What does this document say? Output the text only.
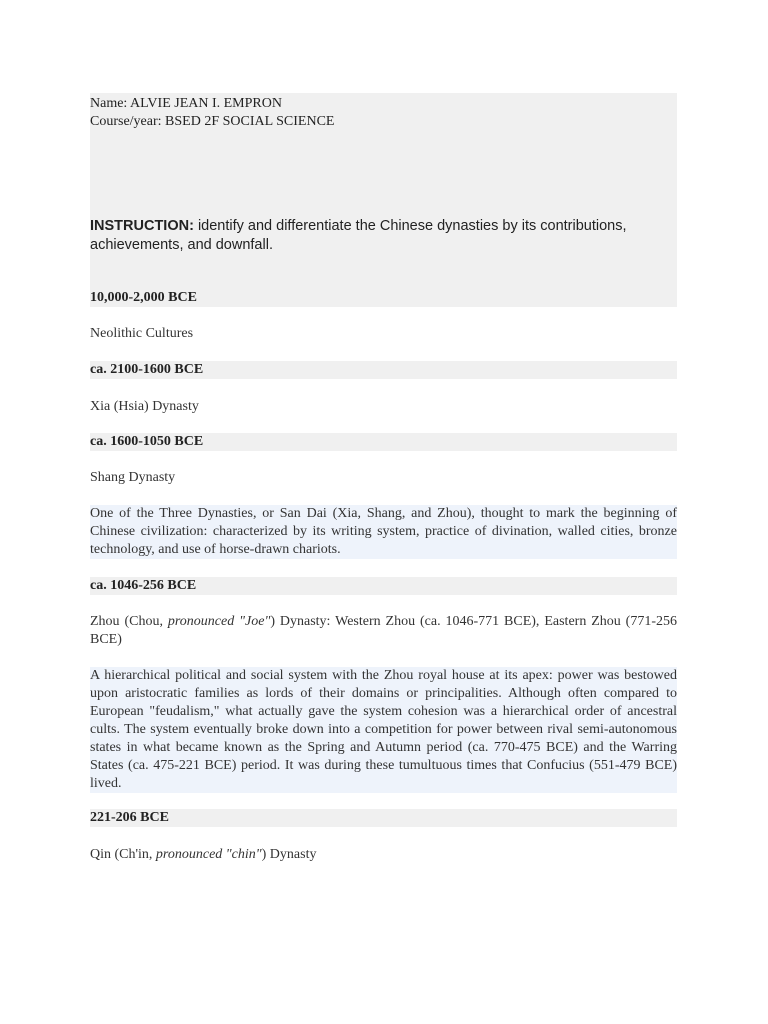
Name: ALVIE JEAN I. EMPRON
Course/year: BSED 2F SOCIAL SCIENCE
INSTRUCTION: identify and differentiate the Chinese dynasties by its contributions, achievements, and downfall.
10,000-2,000 BCE
Neolithic Cultures
ca. 2100-1600 BCE
Xia (Hsia) Dynasty
ca. 1600-1050 BCE
Shang Dynasty
One of the Three Dynasties, or San Dai (Xia, Shang, and Zhou), thought to mark the beginning of Chinese civilization: characterized by its writing system, practice of divination, walled cities, bronze technology, and use of horse-drawn chariots.
ca. 1046-256 BCE
Zhou (Chou, pronounced "Joe") Dynasty: Western Zhou (ca. 1046-771 BCE), Eastern Zhou (771-256 BCE)
A hierarchical political and social system with the Zhou royal house at its apex: power was bestowed upon aristocratic families as lords of their domains or principalities. Although often compared to European "feudalism," what actually gave the system cohesion was a hierarchical order of ancestral cults. The system eventually broke down into a competition for power between rival semi-autonomous states in what became known as the Spring and Autumn period (ca. 770-475 BCE) and the Warring States (ca. 475-221 BCE) period. It was during these tumultuous times that Confucius (551-479 BCE) lived.
221-206 BCE
Qin (Ch'in, pronounced "chin") Dynasty
